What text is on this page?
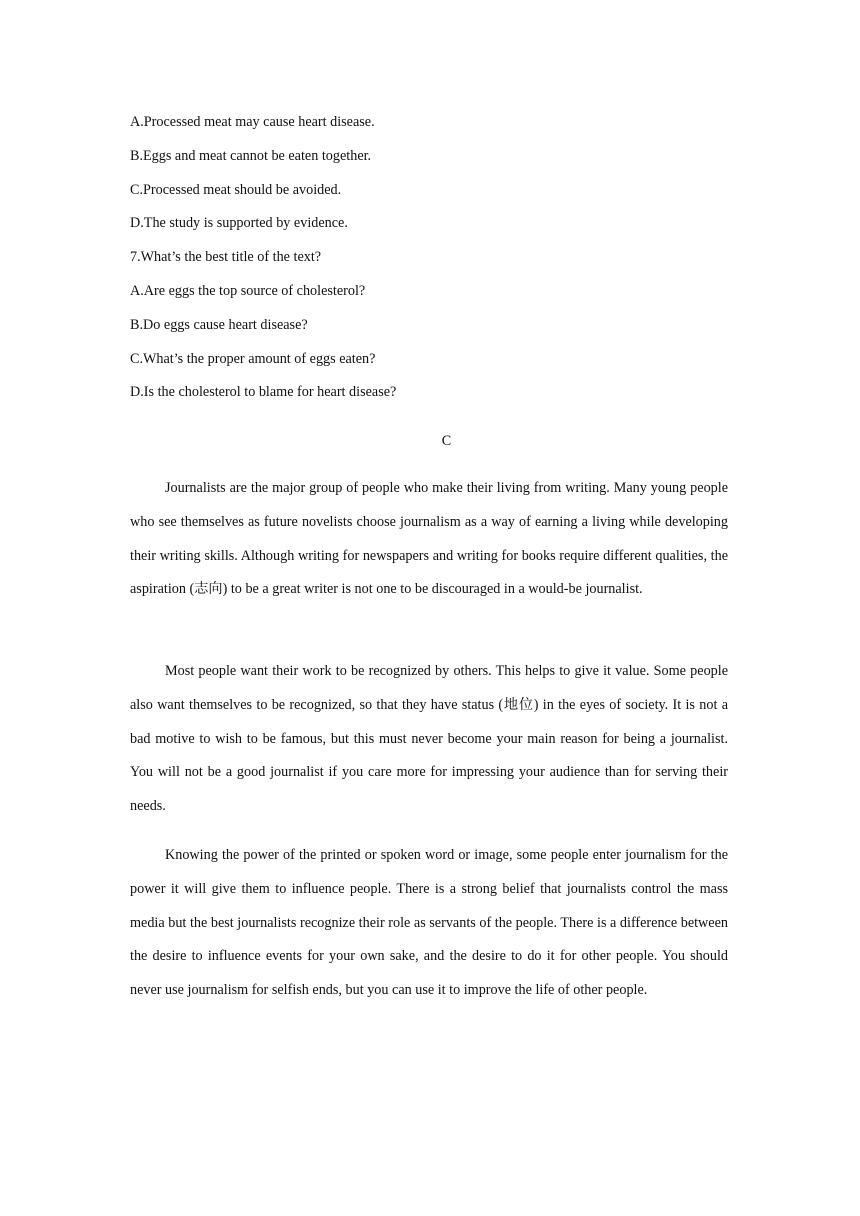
A.Processed meat may cause heart disease.
B.Eggs and meat cannot be eaten together.
C.Processed meat should be avoided.
D.The study is supported by evidence.
7.What’s the best title of the text?
A.Are eggs the top source of cholesterol?
B.Do eggs cause heart disease?
C.What’s the proper amount of eggs eaten?
D.Is the cholesterol to blame for heart disease?
C
Journalists are the major group of people who make their living from writing. Many young people who see themselves as future novelists choose journalism as a way of earning a living while developing their writing skills. Although writing for newspapers and writing for books require different qualities, the aspiration (志向) to be a great writer is not one to be discouraged in a would-be journalist.
Most people want their work to be recognized by others. This helps to give it value. Some people also want themselves to be recognized, so that they have status (地位) in the eyes of society. It is not a bad motive to wish to be famous, but this must never become your main reason for being a journalist. You will not be a good journalist if you care more for impressing your audience than for serving their needs.
Knowing the power of the printed or spoken word or image, some people enter journalism for the power it will give them to influence people. There is a strong belief that journalists control the mass media but the best journalists recognize their role as servants of the people. There is a difference between the desire to influence events for your own sake, and the desire to do it for other people. You should never use journalism for selfish ends, but you can use it to improve the life of other people.
